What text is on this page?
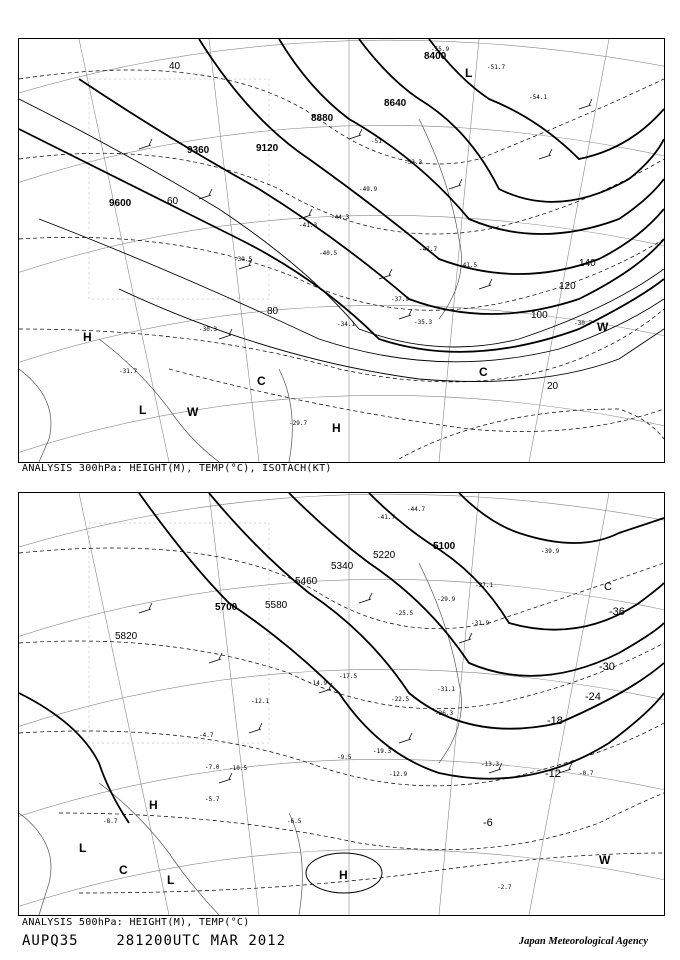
9600
9360	9120
8880
8640
8400
40
60
80	100
120
140
20
H
H
L
L
W
W
C
C
-41.3
-40.5
-44.3
-49.9
-51
-52.3
-54.1
-51.7
-55.9
-47.7
-41.5
-37.9
-35.3
-34.1
-30.3
-31.7
-29.7
-30.7
-39.5
ANALYSIS 300hPa: HEIGHT(M), TEMP(°C), ISOTACH(KT)
5820
5700	5580
5460
5340
5220
5100
-36
-30
-24
-18
-12
-6
C
H
H
L
L
W
C
-44.7
-41.7
-39.9
-37.1
-31.9
-31.1
-29.9
-26.3
-25.5
-22.5
-19.3
-17.5
-14.9
-13.3
-12.9
-12.1
-10.5
-9.5
-7.0
-5.7
-2.7
-0.7
-8.7	-6.5
-4.7
ANALYSIS 500hPa: HEIGHT(M), TEMP(°C)
AUPQ35	281200UTC MAR 2012	Japan Meteorological Agency
